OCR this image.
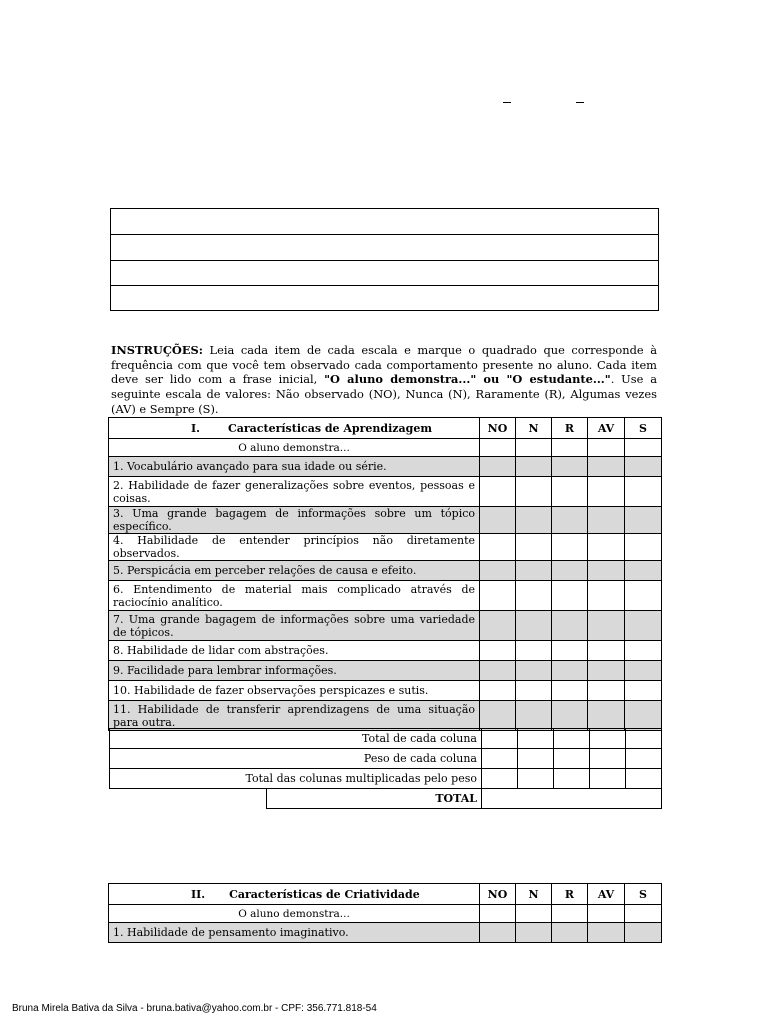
INSTRUÇÕES: Leia cada item de cada escala e marque o quadrado que corresponde à frequência com que você tem observado cada comportamento presente no aluno. Cada item deve ser lido com a frase inicial, "O aluno demonstra..." ou "O estudante...". Use a seguinte escala de valores: Não observado (NO), Nunca (N), Raramente (R), Algumas vezes (AV) e Sempre (S).

I. Características de Aprendizagem	NO	N	R	AV	S
O aluno demonstra...					
1. Vocabulário avançado para sua idade ou série.					
2. Habilidade de fazer generalizações sobre eventos, pessoas e coisas.					
3. Uma grande bagagem de informações sobre um tópico específico.					
4. Habilidade de entender princípios não diretamente observados.					
5. Perspicácia em perceber relações de causa e efeito.					
6. Entendimento de material mais complicado através de raciocínio analítico.					
7. Uma grande bagagem de informações sobre uma variedade de tópicos.					
8. Habilidade de lidar com abstrações.					
9. Facilidade para lembrar informações.					
10. Habilidade de fazer observações perspicazes e sutis.					
11. Habilidade de transferir aprendizagens de uma situação para outra.					
Total de cada coluna						
Peso de cada coluna						
Total das colunas multiplicadas pelo peso						
	TOTAL					
II. Características de Criatividade	NO	N	R	AV	S
O aluno demonstra...					
1. Habilidade de pensamento imaginativo.					
Bruna Mirela Bativa da Silva - bruna.bativa@yahoo.com.br - CPF: 356.771.818-54
